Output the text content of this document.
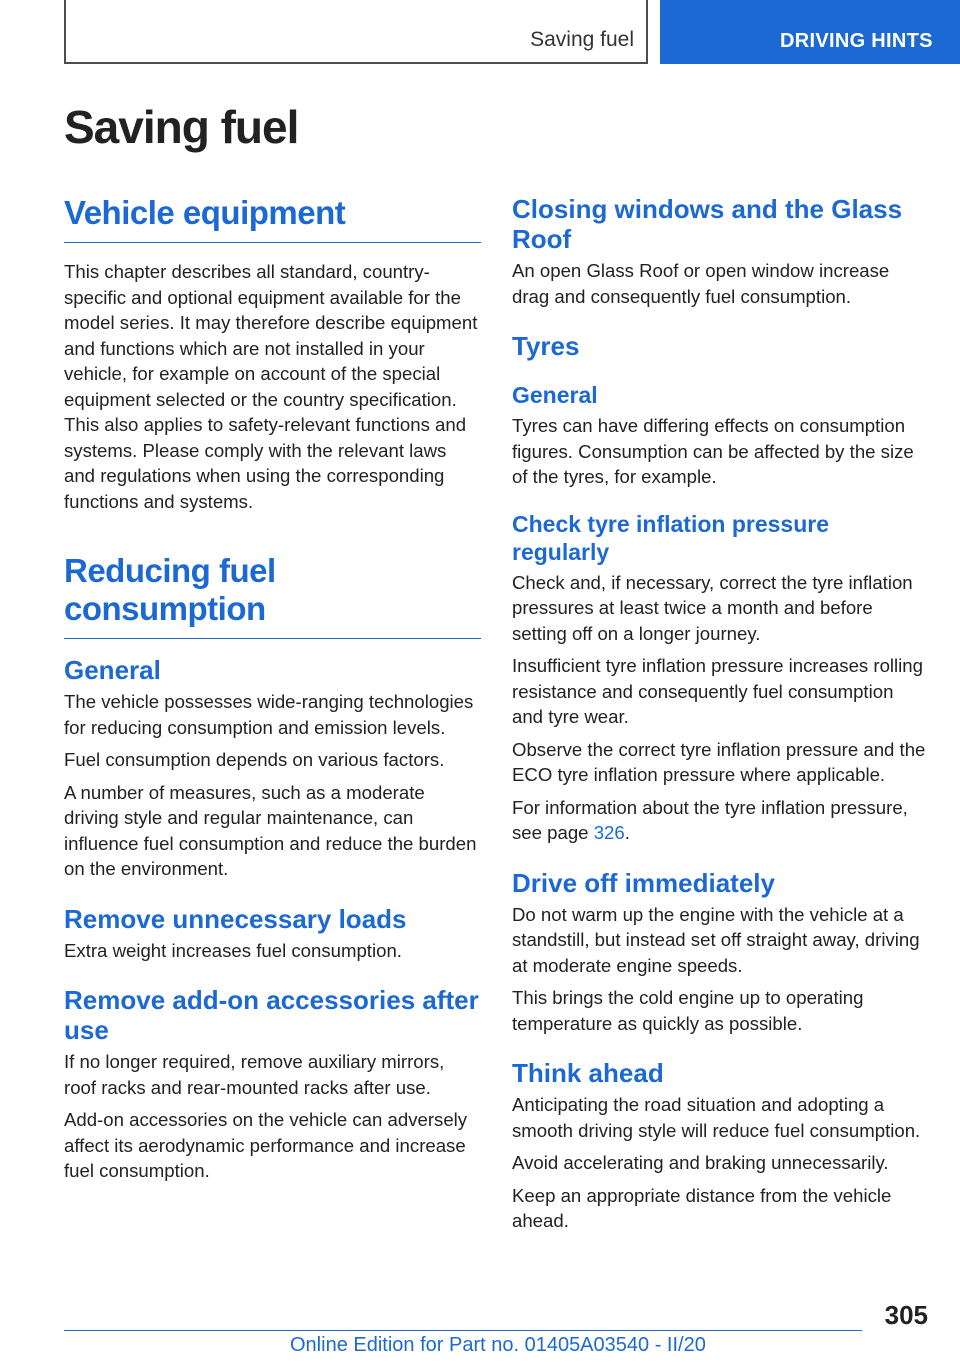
Saving fuel	DRIVING HINTS
Saving fuel
Vehicle equipment

This chapter describes all standard, country-specific and optional equipment available for the model series. It may therefore describe equipment and functions which are not installed in your vehicle, for example on account of the special equipment selected or the country specification. This also applies to safety-relevant functions and systems. Please comply with the relevant laws and regulations when using the corresponding functions and systems.

Reducing fuel consumption
General

The vehicle possesses wide-ranging technologies for reducing consumption and emission levels.

Fuel consumption depends on various factors.

A number of measures, such as a moderate driving style and regular maintenance, can influence fuel consumption and reduce the burden on the environment.

Remove unnecessary loads

Extra weight increases fuel consumption.

Remove add-on accessories after use

If no longer required, remove auxiliary mirrors, roof racks and rear-mounted racks after use.

Add-on accessories on the vehicle can adversely affect its aerodynamic performance and increase fuel consumption.

Closing windows and the Glass Roof

An open Glass Roof or open window increase drag and consequently fuel consumption.

Tyres
General

Tyres can have differing effects on consumption figures. Consumption can be affected by the size of the tyres, for example.

Check tyre inflation pressure regularly

Check and, if necessary, correct the tyre inflation pressures at least twice a month and before setting off on a longer journey.

Insufficient tyre inflation pressure increases rolling resistance and consequently fuel consumption and tyre wear.

Observe the correct tyre inflation pressure and the ECO tyre inflation pressure where applicable.

For information about the tyre inflation pressure, see page 326.

Drive off immediately

Do not warm up the engine with the vehicle at a standstill, but instead set off straight away, driving at moderate engine speeds.

This brings the cold engine up to operating temperature as quickly as possible.

Think ahead

Anticipating the road situation and adopting a smooth driving style will reduce fuel consumption.

Avoid accelerating and braking unnecessarily.

Keep an appropriate distance from the vehicle ahead.

305
Online Edition for Part no. 01405A03540 - II/20
